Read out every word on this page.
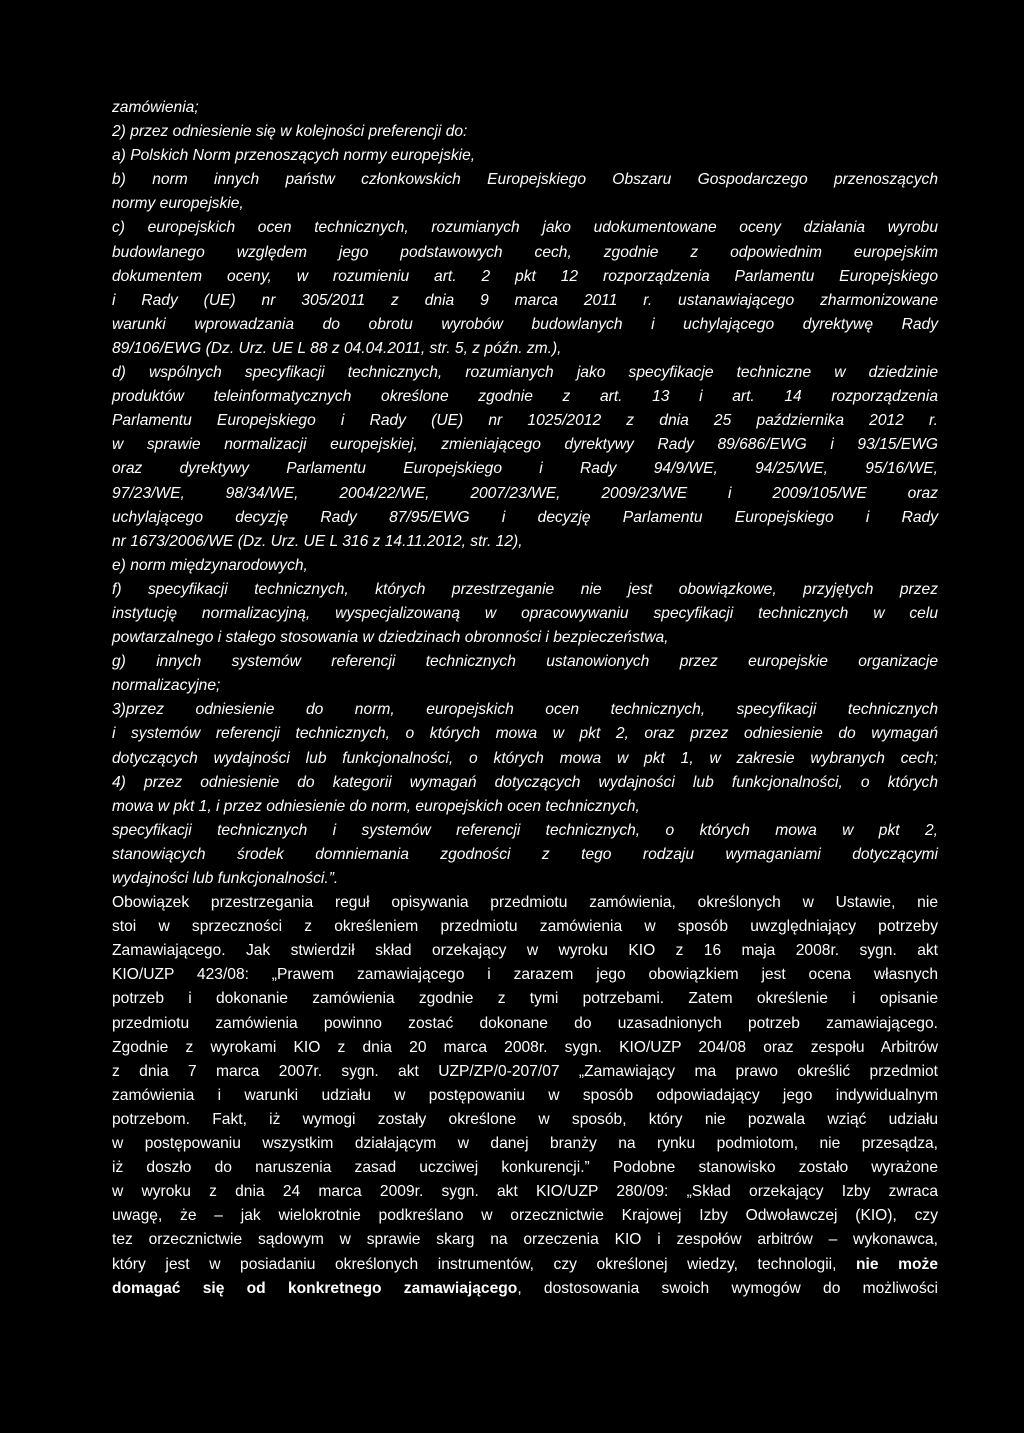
zamówienia;
2) przez odniesienie się w kolejności preferencji do:
a) Polskich Norm przenoszących normy europejskie,
b) norm innych państw członkowskich Europejskiego Obszaru Gospodarczego przenoszących
normy europejskie,
c) europejskich ocen technicznych, rozumianych jako udokumentowane oceny działania wyrobu
budowlanego względem jego podstawowych cech, zgodnie z odpowiednim europejskim
dokumentem oceny, w rozumieniu art. 2 pkt 12 rozporządzenia Parlamentu Europejskiego
i Rady (UE) nr 305/2011 z dnia 9 marca 2011 r. ustanawiającego zharmonizowane
warunki wprowadzania do obrotu wyrobów budowlanych i uchylającego dyrektywę Rady
89/106/EWG (Dz. Urz. UE L 88 z 04.04.2011, str. 5, z późn. zm.),
d) wspólnych specyfikacji technicznych, rozumianych jako specyfikacje techniczne w dziedzinie
produktów teleinformatycznych określone zgodnie z art. 13 i art. 14 rozporządzenia
Parlamentu Europejskiego i Rady (UE) nr 1025/2012 z dnia 25 października 2012 r.
w sprawie normalizacji europejskiej, zmieniającego dyrektywy Rady 89/686/EWG i 93/15/EWG
oraz dyrektywy Parlamentu Europejskiego i Rady 94/9/WE, 94/25/WE, 95/16/WE,
97/23/WE, 98/34/WE, 2004/22/WE, 2007/23/WE, 2009/23/WE i 2009/105/WE oraz
uchylającego decyzję Rady 87/95/EWG i decyzję Parlamentu Europejskiego i Rady
nr 1673/2006/WE (Dz. Urz. UE L 316 z 14.11.2012, str. 12),
e) norm międzynarodowych,
f) specyfikacji technicznych, których przestrzeganie nie jest obowiązkowe, przyjętych przez
instytucję normalizacyjną, wyspecjalizowaną w opracowywaniu specyfikacji technicznych w celu
powtarzalnego i stałego stosowania w dziedzinach obronności i bezpieczeństwa,
g) innych systemów referencji technicznych ustanowionych przez europejskie organizacje
normalizacyjne;
3)przez odniesienie do norm, europejskich ocen technicznych, specyfikacji technicznych
i systemów referencji technicznych, o których mowa w pkt 2, oraz przez odniesienie do wymagań
dotyczących wydajności lub funkcjonalności, o których mowa w pkt 1, w zakresie wybranych cech;
4) przez odniesienie do kategorii wymagań dotyczących wydajności lub funkcjonalności, o których
mowa w pkt 1, i przez odniesienie do norm, europejskich ocen technicznych,
specyfikacji technicznych i systemów referencji technicznych, o których mowa w pkt 2,
stanowiących środek domniemania zgodności z tego rodzaju wymaganiami dotyczącymi
wydajności lub funkcjonalności.”.
Obowiązek przestrzegania reguł opisywania przedmiotu zamówienia, określonych w Ustawie, nie
stoi w sprzeczności z określeniem przedmiotu zamówienia w sposób uwzględniający potrzeby
Zamawiającego. Jak stwierdził skład orzekający w wyroku KIO z 16 maja 2008r. sygn. akt
KIO/UZP 423/08: „Prawem zamawiającego i zarazem jego obowiązkiem jest ocena własnych
potrzeb i dokonanie zamówienia zgodnie z tymi potrzebami. Zatem określenie i opisanie
przedmiotu zamówienia powinno zostać dokonane do uzasadnionych potrzeb zamawiającego.
Zgodnie z wyrokami KIO z dnia 20 marca 2008r. sygn. KIO/UZP 204/08 oraz zespołu Arbitrów
z dnia 7 marca 2007r. sygn. akt UZP/ZP/0-207/07 „Zamawiający ma prawo określić przedmiot
zamówienia i warunki udziału w postępowaniu w sposób odpowiadający jego indywidualnym
potrzebom. Fakt, iż wymogi zostały określone w sposób, który nie pozwala wziąć udziału
w postępowaniu wszystkim działającym w danej branży na rynku podmiotom, nie przesądza,
iż doszło do naruszenia zasad uczciwej konkurencji.” Podobne stanowisko zostało wyrażone
w wyroku z dnia 24 marca 2009r. sygn. akt KIO/UZP 280/09: „Skład orzekający Izby zwraca
uwagę, że – jak wielokrotnie podkreślano w orzecznictwie Krajowej Izby Odwoławczej (KIO), czy
tez orzecznictwie sądowym w sprawie skarg na orzeczenia KIO i zespołów arbitrów – wykonawca,
który jest w posiadaniu określonych instrumentów, czy określonej wiedzy, technologii, nie może
domagać się od konkretnego zamawiającego, dostosowania swoich wymogów do możliwości
